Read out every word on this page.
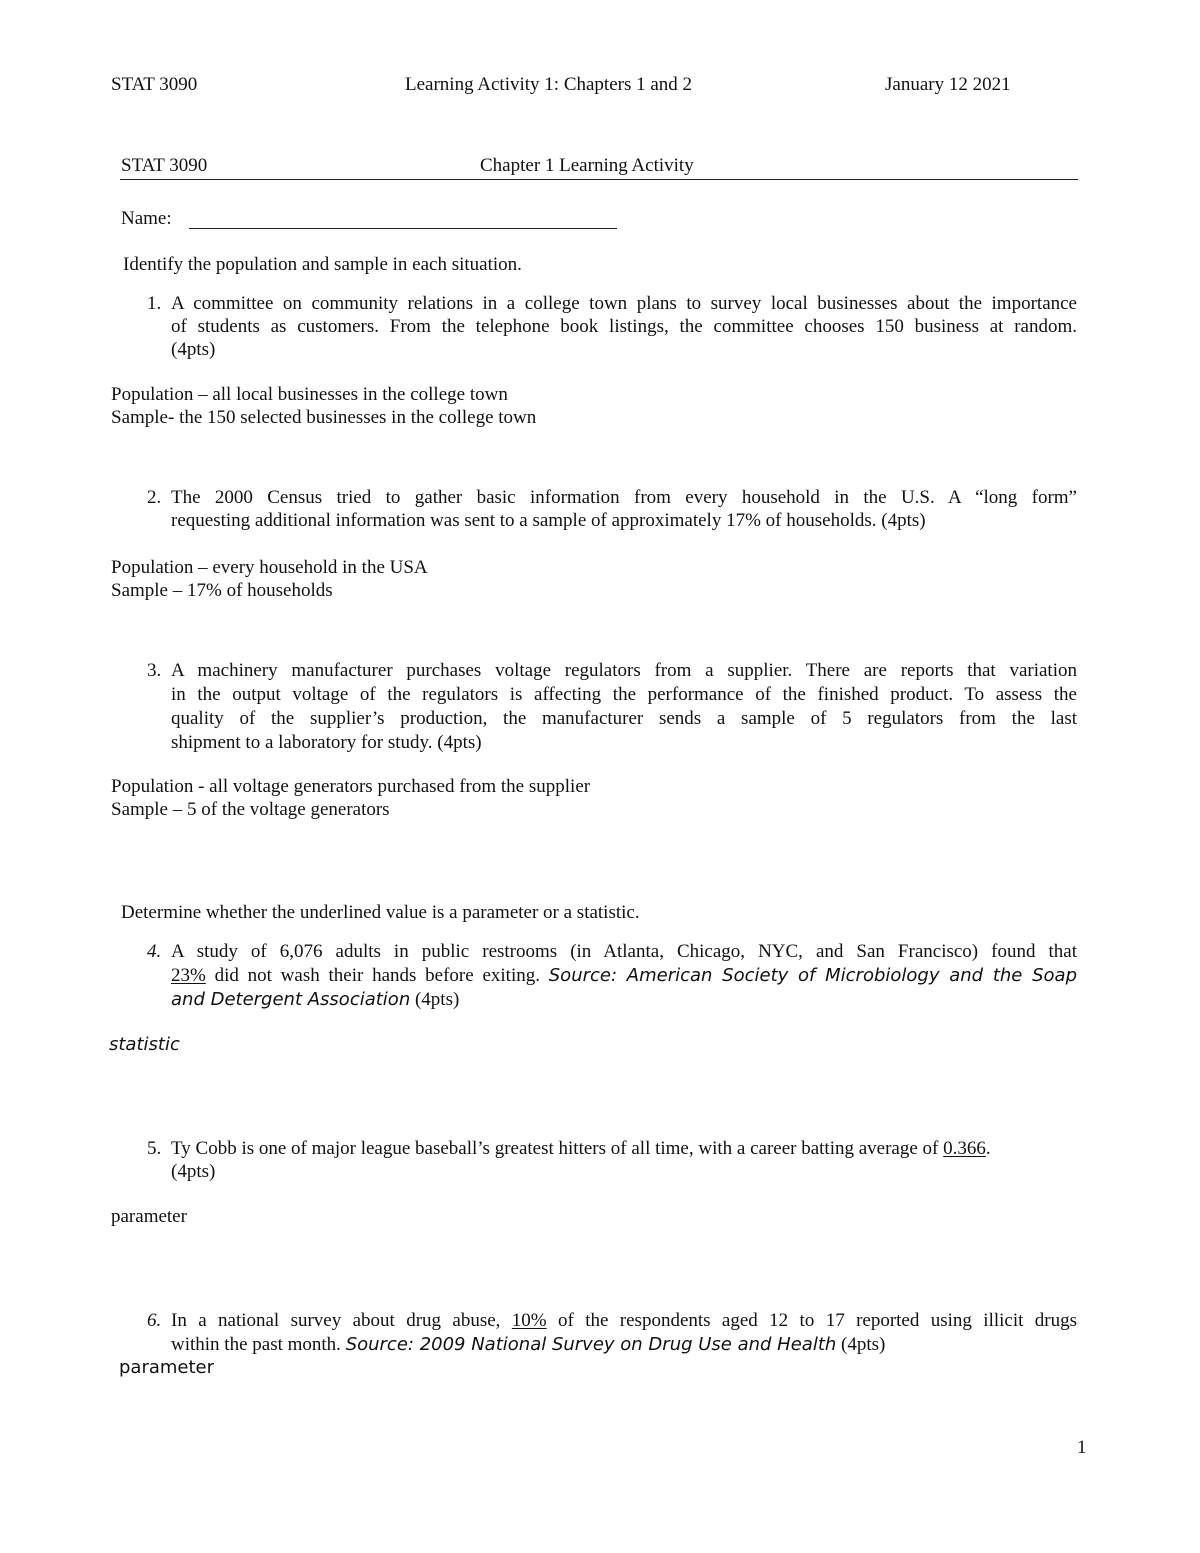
STAT 3090	Learning Activity 1: Chapters 1 and 2	January 12 2021
STAT 3090	Chapter 1 Learning Activity
Name:
Identify the population and sample in each situation.
1. A committee on community relations in a college town plans to survey local businesses about the importance
of students as customers. From the telephone book listings, the committee chooses 150 business at random.
(4pts)
Population – all local businesses in the college town
Sample- the 150 selected businesses in the college town
2. The 2000 Census tried to gather basic information from every household in the U.S. A “long form”
requesting additional information was sent to a sample of approximately 17% of households. (4pts)
Population – every household in the USA
Sample – 17% of households
3. A machinery manufacturer purchases voltage regulators from a supplier. There are reports that variation
in the output voltage of the regulators is affecting the performance of the finished product. To assess the
quality of the supplier’s production, the manufacturer sends a sample of 5 regulators from the last
shipment to a laboratory for study. (4pts)
Population - all voltage generators purchased from the supplier
Sample – 5 of the voltage generators
Determine whether the underlined value is a parameter or a statistic.
4. A study of 6,076 adults in public restrooms (in Atlanta, Chicago, NYC, and San Francisco) found that
23% did not wash their hands before exiting. Source: American Society of Microbiology and the Soap
and Detergent Association (4pts)
statistic
5. Ty Cobb is one of major league baseball’s greatest hitters of all time, with a career batting average of 0.366.
(4pts)
parameter
6. In a national survey about drug abuse, 10% of the respondents aged 12 to 17 reported using illicit drugs
within the past month. Source: 2009 National Survey on Drug Use and Health (4pts)
parameter
1
